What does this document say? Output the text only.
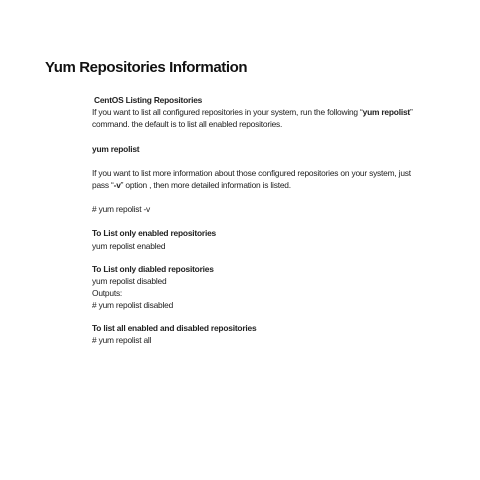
Yum Repositories Information
CentOS Listing Repositories
If you want to list all configured repositories in your system, run the following “yum repolist”
command. the default is to list all enabled repositories.
yum repolist
If you want to list more information about those configured repositories on your system, just
pass “-v” option , then more detailed information is listed.
# yum repolist -v
To List only enabled repositories
yum repolist enabled
To List only diabled repositories
yum repolist disabled
Outputs:
# yum repolist disabled
To list all enabled and disabled repositories
# yum repolist all
